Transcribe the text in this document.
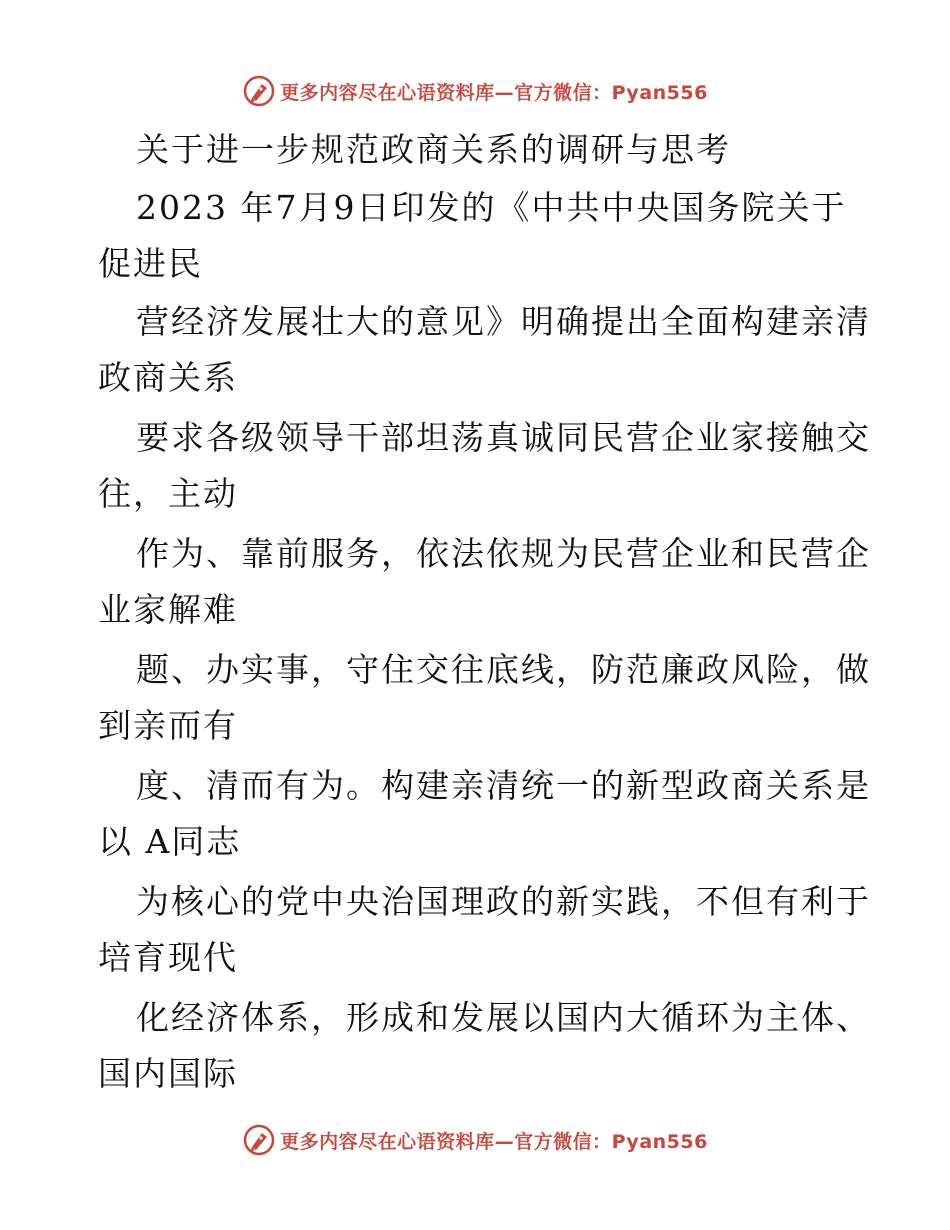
更多内容尽在心语资料库—官方微信：Pyan556
关于进一步规范政商关系的调研与思考
2023 年7月9日印发的《中共中央国务院关于
促进民
营经济发展壮大的意见》明确提出全面构建亲清
政商关系
要求各级领导干部坦荡真诚同民营企业家接触交
往，主动
作为、靠前服务，依法依规为民营企业和民营企
业家解难
题、办实事，守住交往底线，防范廉政风险，做
到亲而有
度、清而有为。构建亲清统一的新型政商关系是
以 A同志
为核心的党中央治国理政的新实践，不但有利于
培育现代
化经济体系，形成和发展以国内大循环为主体、
国内国际
更多内容尽在心语资料库—官方微信：Pyan556
